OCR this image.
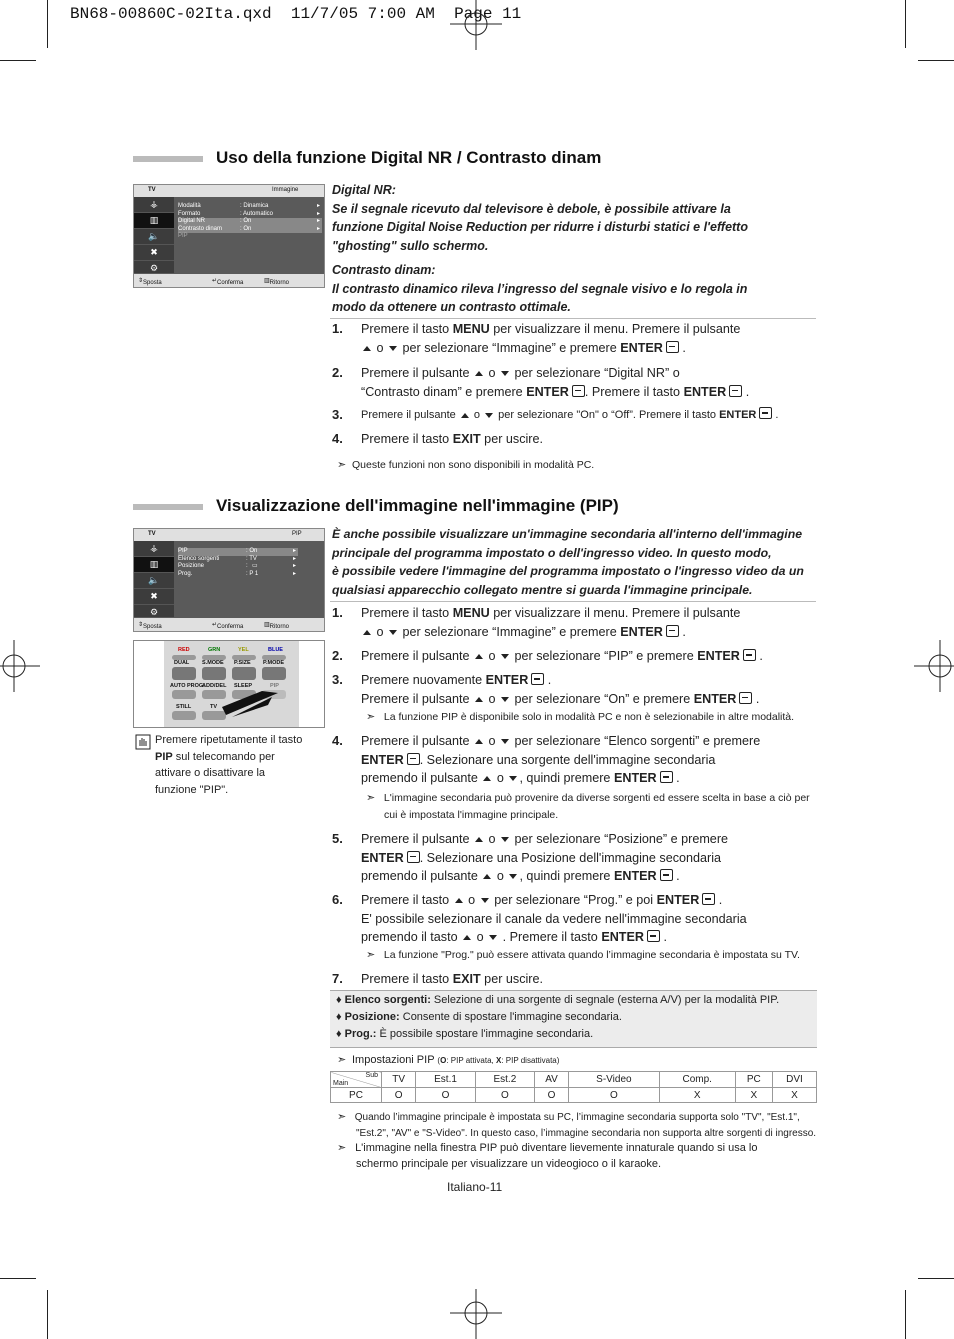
BN68-00860C-02Ita.qxd  11/7/05 7:00 AM  Page 11
Uso della funzione Digital NR / Contrasto dinam
TV	Immagine
⚶
▥
🔈
✖
⚙
Modalità	: Dinamica	▸
Formato	: Automatico	▸
Digital NR	: On	▸
Contrasto dinam	: On	▸
PIP
⇕ Sposta	↵ Conferma	▥ Ritorno
Digital NR:
Se il segnale ricevuto dal televisore è debole, è possibile attivare la
funzione Digital Noise Reduction per ridurre i disturbi statici e l'effetto
"ghosting" sullo schermo.
Contrasto dinam:
Il contrasto dinamico rileva l’ingresso del segnale visivo e lo regola in
modo da ottenere un contrasto ottimale.
1. Premere il tasto MENU per visualizzare il menu. Premere il pulsante
o  per selezionare “Immagine” e premere ENTER .
2. Premere il pulsante  o  per selezionare “Digital NR” o
“Contrasto dinam” e premere ENTER . Premere il tasto ENTER .
3. Premere il pulsante  o  per selezionare "On" o “Off”. Premere il tasto ENTER .
4. Premere il tasto EXIT per uscire.
➣ Queste funzioni non sono disponibili in modalità PC.
Visualizzazione dell'immagine nell'immagine (PIP)
TV	PIP
⚶
▥
🔈
✖
⚙
PIP	: On	▸
Elenco sorgenti	: TV	▸
Posizione	: ▭	▸
Prog.	: P 1	▸
⇕ Sposta	↵ Conferma	▥ Ritorno
RED	GRN	YEL	BLUE
DUAL S.MODE P.SIZE P.MODE
AUTO PROG.
ADD/DEL SLEEP	PIP
STILL	TV
Premere ripetutamente il tasto
PIP sul telecomando per
attivare o disattivare la
funzione "PIP".
È anche possibile visualizzare un'immagine secondaria all'interno dell'immagine
principale del programma impostato o dell'ingresso video. In questo modo,
è possibile vedere l'immagine del programma impostato o l'ingresso video da un
qualsiasi apparecchio collegato mentre si guarda l'immagine principale.
1. Premere il tasto MENU per visualizzare il menu. Premere il pulsante
o  per selezionare “Immagine” e premere ENTER .
2. Premere il pulsante  o  per selezionare “PIP” e premere ENTER .
3. Premere nuovamente ENTER .
Premere il pulsante  o  per selezionare “On” e premere ENTER .
➣ La funzione PIP è disponibile solo in modalità PC e non è selezionabile in altre modalità.
4. Premere il pulsante  o  per selezionare “Elenco sorgenti” e premere
ENTER . Selezionare una sorgente dell'immagine secondaria
premendo il pulsante  o , quindi premere ENTER .
➣ L'immagine secondaria può provenire da diverse sorgenti ed essere scelta in base a ciò per
cui è impostata l'immagine principale.
5. Premere il pulsante  o  per selezionare “Posizione” e premere
ENTER . Selezionare una Posizione dell'immagine secondaria
premendo il pulsante  o , quindi premere ENTER .
6. Premere il tasto  o  per selezionare “Prog.” e poi ENTER .
E' possibile selezionare il canale da vedere nell'immagine secondaria
premendo il tasto  o  . Premere il tasto ENTER .
➣ La funzione "Prog." può essere attivata quando l’immagine secondaria è impostata su TV.
7. Premere il tasto EXIT per uscire.
♦ Elenco sorgenti: Selezione di una sorgente di segnale (esterna A/V) per la modalità PIP.
♦ Posizione: Consente di spostare l'immagine secondaria.
♦ Prog.: È possibile spostare l'immagine secondaria.
➣ Impostazioni PIP (O: PIP attivata, X: PIP disattivata)
Sub
Main	TV	Est.1	Est.2	AV	S-Video	Comp.	PC	DVI
PC	O	O	O	O	O	X	X	X
➣ Quando l’immagine principale è impostata su PC, l’immagine secondaria supporta solo "TV", "Est.1",
"Est.2", "AV" e "S-Video". In questo caso, l’immagine secondaria non supporta altre sorgenti di ingresso.
➣ L'immagine nella finestra PIP può diventare lievemente innaturale quando si usa lo
schermo principale per visualizzare un videogioco o il karaoke.
Italiano-11
